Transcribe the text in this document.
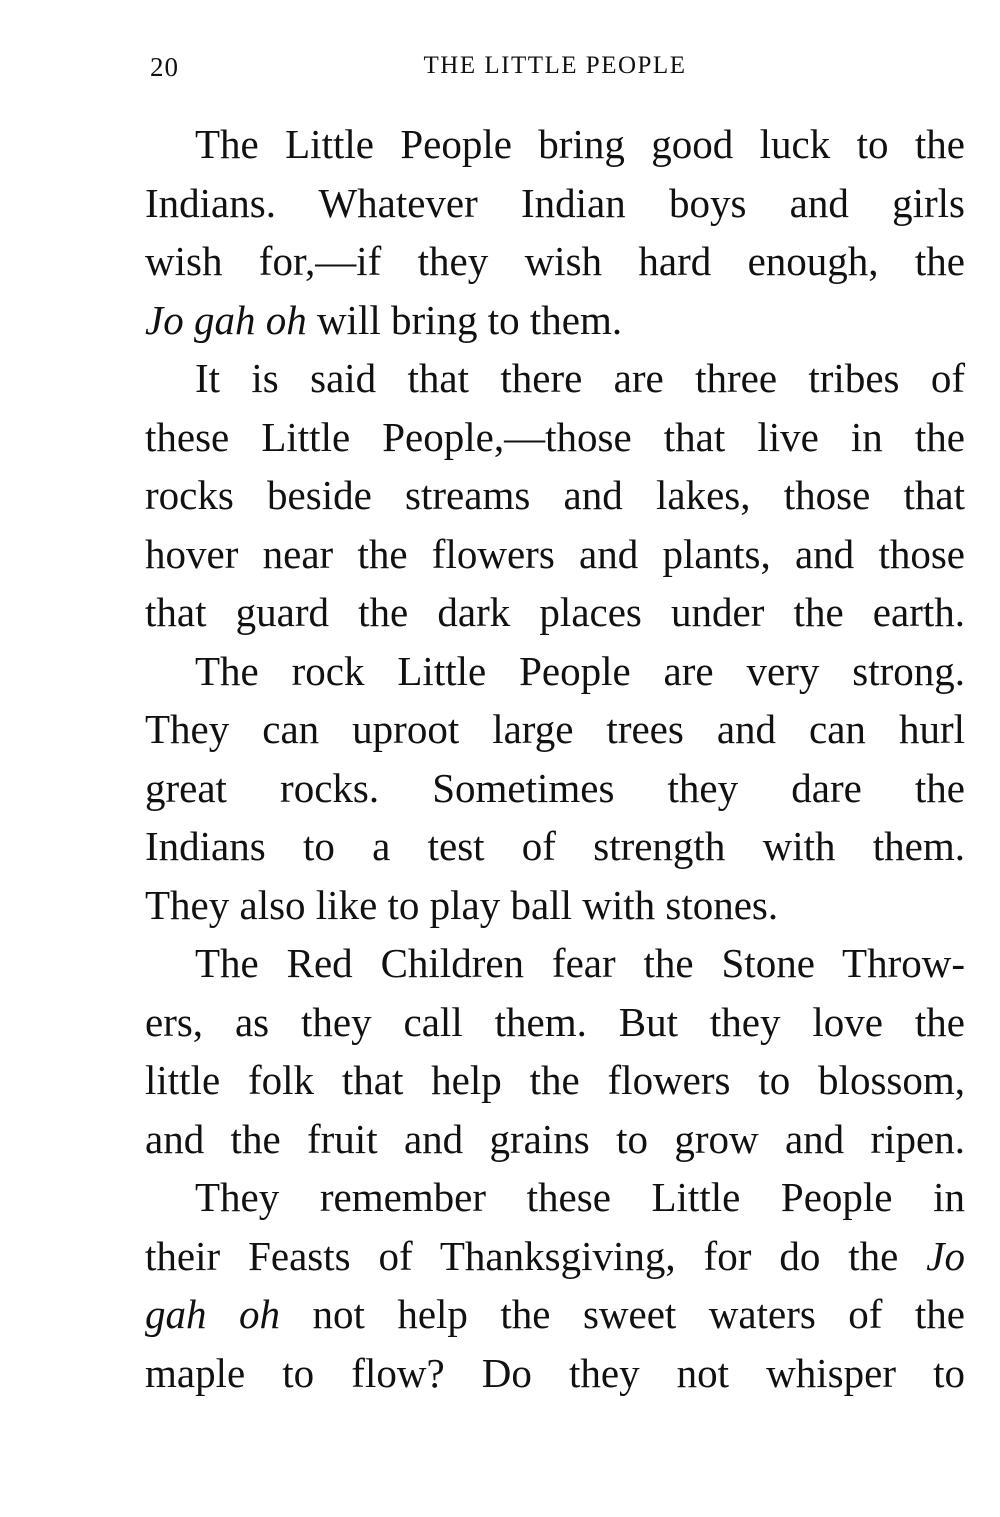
20	THE LITTLE PEOPLE

The Little People bring good luck to the
Indians. Whatever Indian boys and girls
wish for,—if they wish hard enough, the
Jo gah oh will bring to them.

It is said that there are three tribes of
these Little People,—those that live in the
rocks beside streams and lakes, those that
hover near the flowers and plants, and those
that guard the dark places under the earth.

The rock Little People are very strong.
They can uproot large trees and can hurl
great rocks. Sometimes they dare the
Indians to a test of strength with them.
They also like to play ball with stones.

The Red Children fear the Stone Throw-
ers, as they call them. But they love the
little folk that help the flowers to blossom,
and the fruit and grains to grow and ripen.

They remember these Little People in
their Feasts of Thanksgiving, for do the Jo
gah oh not help the sweet waters of the
maple to flow? Do they not whisper to
